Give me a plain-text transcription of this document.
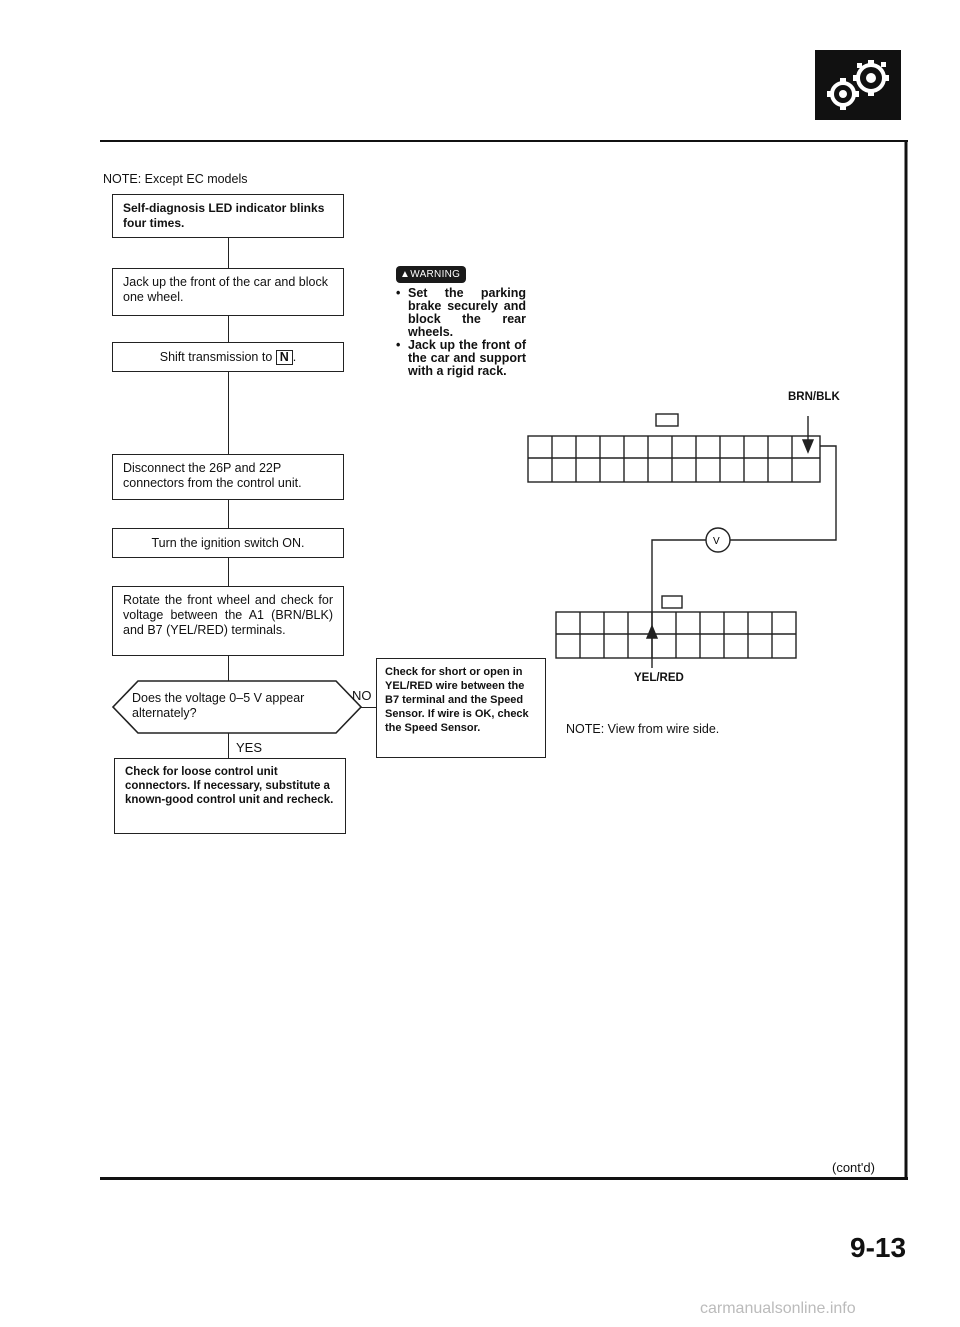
NOTE: Except EC models
Self-diagnosis LED indicator blinks four times.
Jack up the front of the car and block one wheel.
Shift transmission to N .
Disconnect the 26P and 22P connectors from the control unit.
Turn the ignition switch ON.
Rotate the front wheel and check for voltage between the A1 (BRN/BLK) and B7 (YEL/RED) terminals.
Does the voltage 0–5 V appear alternately?
NO
YES
Check for loose control unit connectors. If necessary, substitute a known-good control unit and recheck.
Check for short or open in YEL/RED wire between the B7 terminal and the Speed Sensor. If wire is OK, check the Speed Sensor.
▲WARNING
• Set the parking brake securely and block the rear wheels.
• Jack up the front of the car and support with a rigid rack.
BRN/BLK
V
YEL/RED
NOTE: View from wire side.
(cont'd)
9-13
carmanualsonline.info
